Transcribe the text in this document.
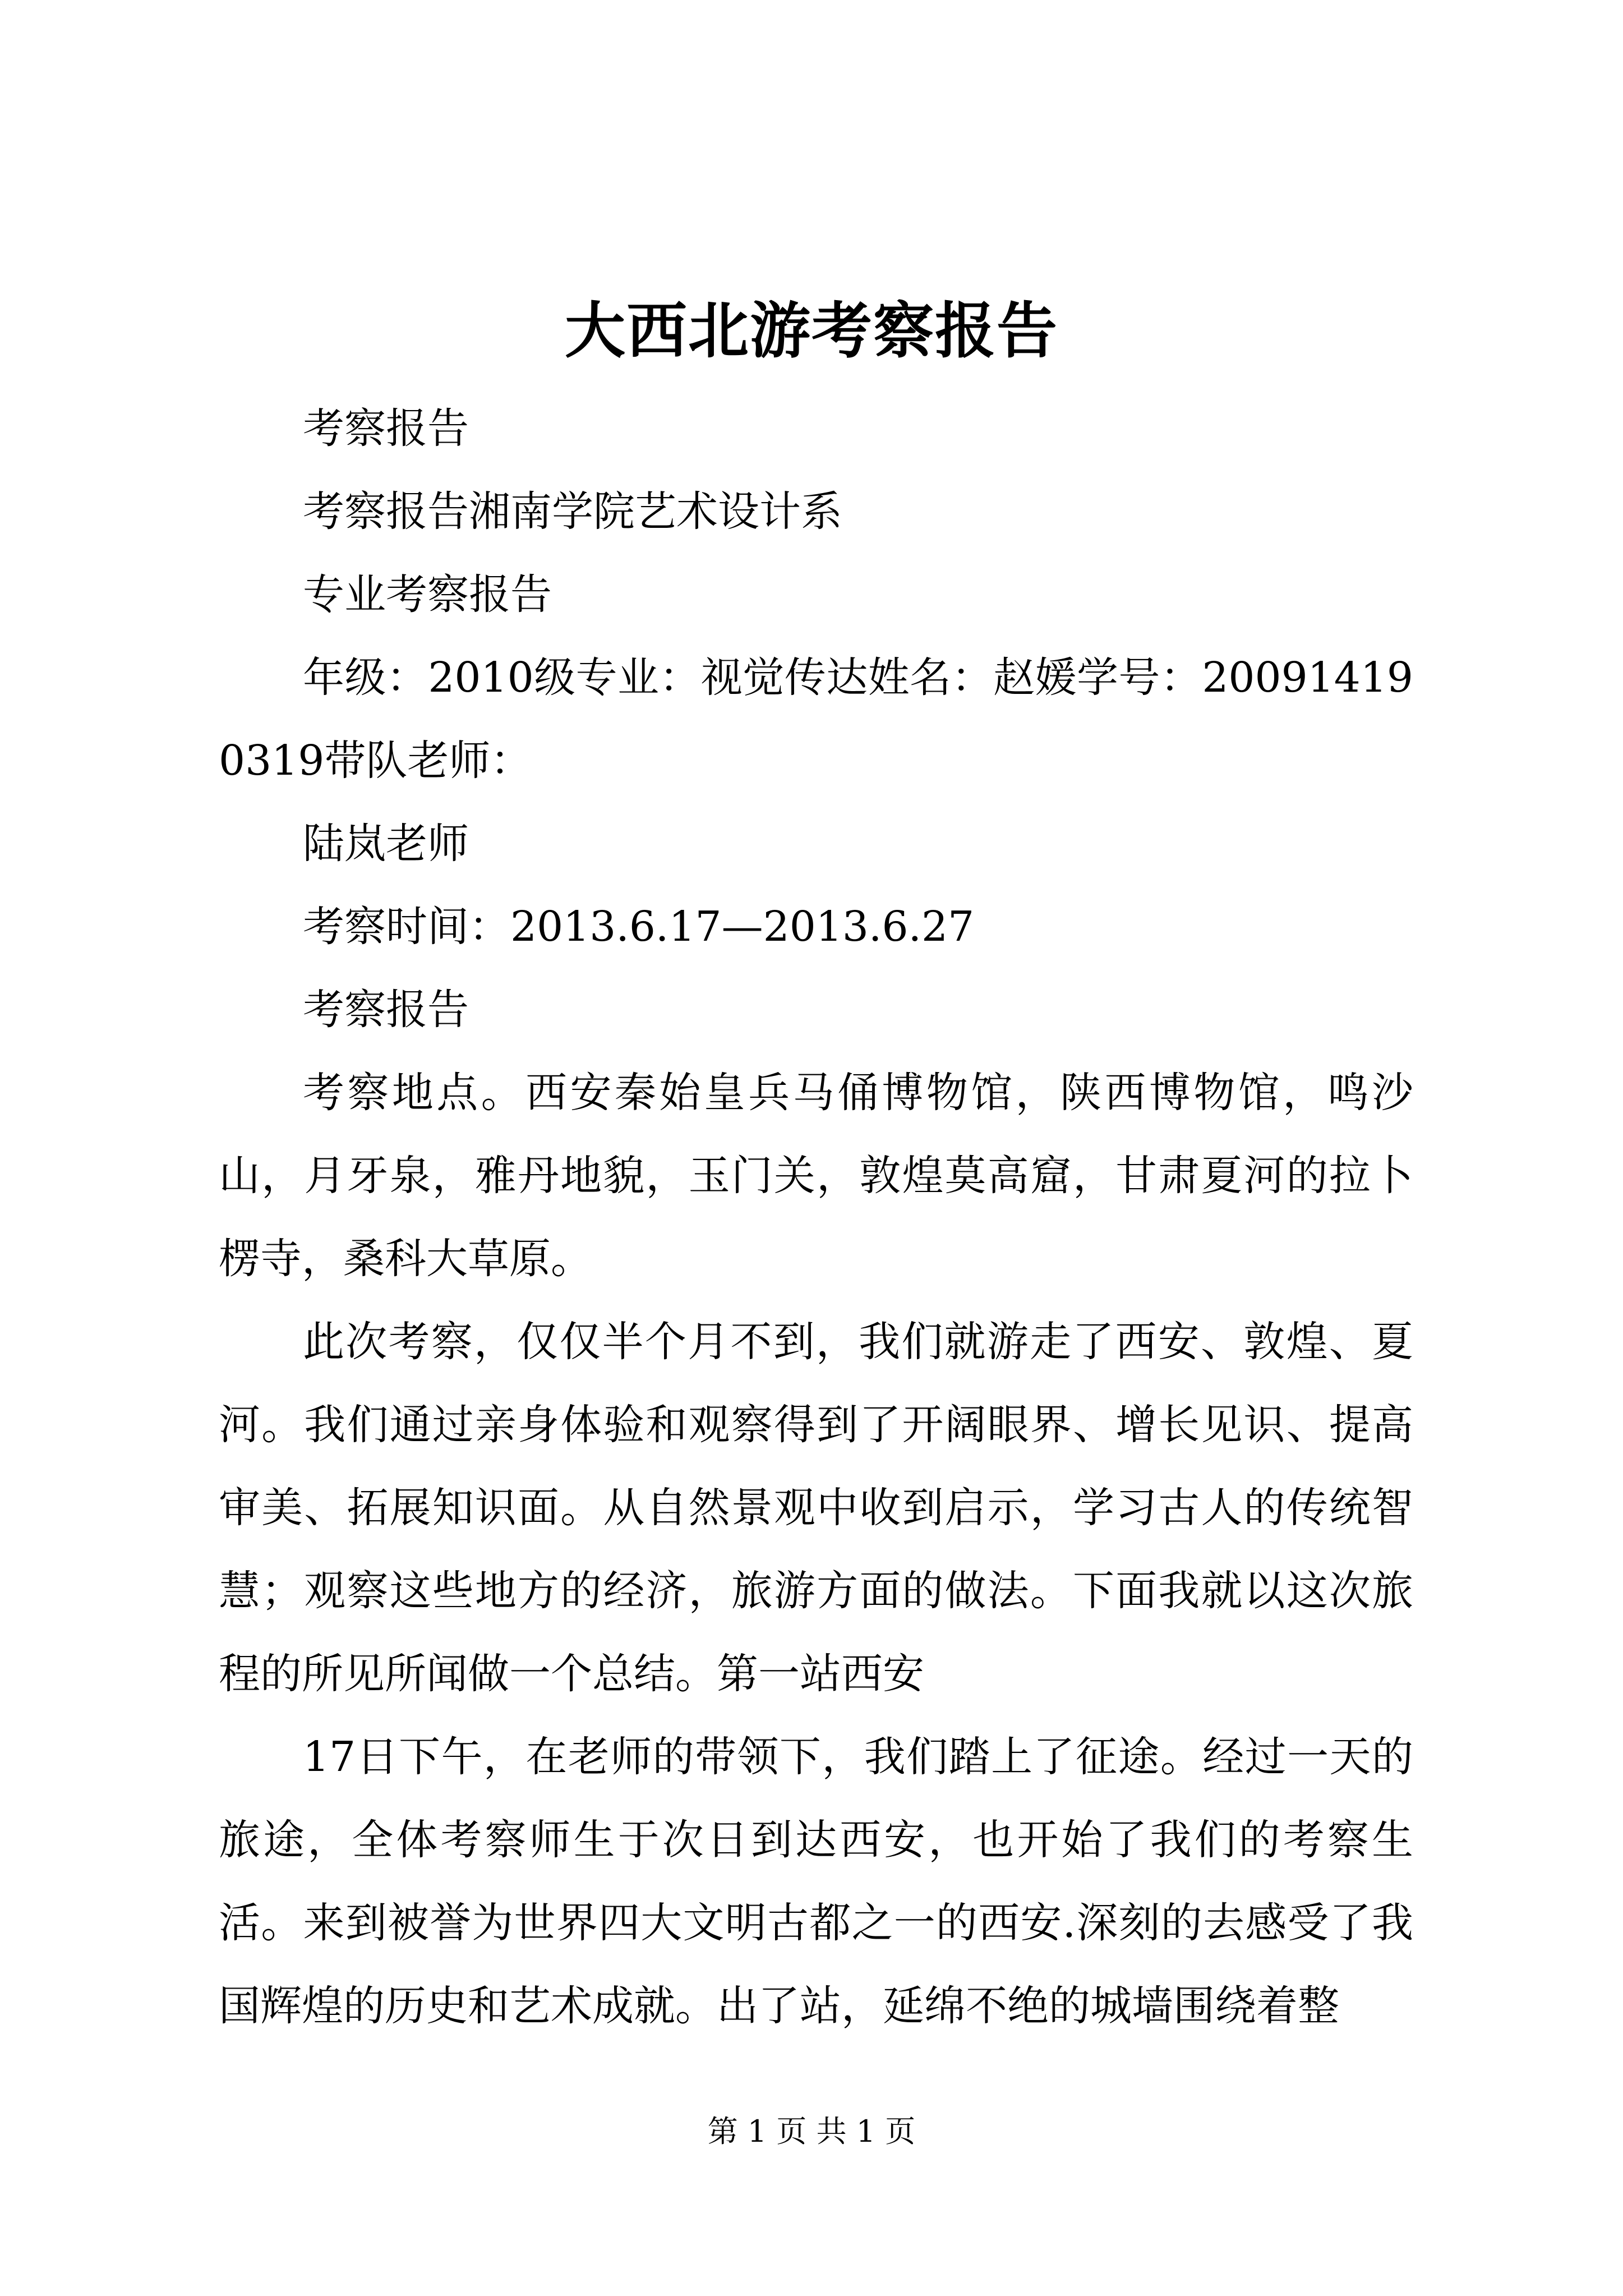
大西北游考察报告

考察报告

考察报告湘南学院艺术设计系

专业考察报告

年级：2010级专业：视觉传达姓名：赵媛学号：200914190319带队老师：

陆岚老师

考察时间：2013.6.17—2013.6.27

考察报告

考察地点。西安秦始皇兵马俑博物馆，陕西博物馆，鸣沙山，月牙泉，雅丹地貌，玉门关，敦煌莫高窟，甘肃夏河的拉卜楞寺，桑科大草原。

此次考察，仅仅半个月不到，我们就游走了西安、敦煌、夏河。我们通过亲身体验和观察得到了开阔眼界、增长见识、提高审美、拓展知识面。从自然景观中收到启示，学习古人的传统智慧；观察这些地方的经济，旅游方面的做法。下面我就以这次旅程的所见所闻做一个总结。第一站西安

17日下午，在老师的带领下，我们踏上了征途。经过一天的旅途，全体考察师生于次日到达西安，也开始了我们的考察生活。来到被誉为世界四大文明古都之一的西安.深刻的去感受了我国辉煌的历史和艺术成就。出了站，延绵不绝的城墙围绕着整

第 1 页 共 1 页
